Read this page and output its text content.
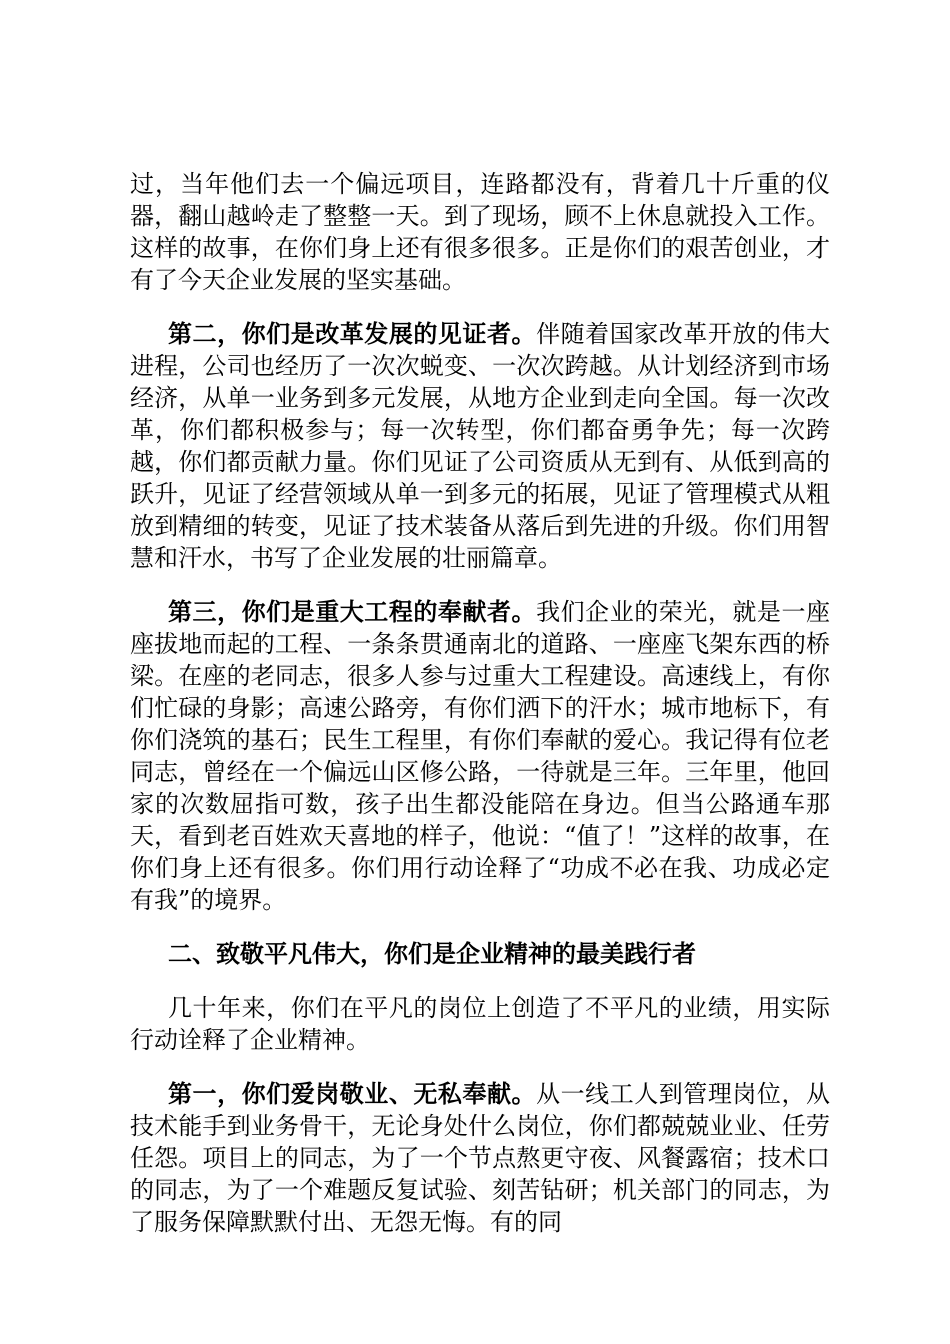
过，当年他们去一个偏远项目，连路都没有，背着几十斤重的仪器，翻山越岭走了整整一天。到了现场，顾不上休息就投入工作。这样的故事，在你们身上还有很多很多。正是你们的艰苦创业，才有了今天企业发展的坚实基础。

第二，你们是改革发展的见证者。伴随着国家改革开放的伟大进程，公司也经历了一次次蜕变、一次次跨越。从计划经济到市场经济，从单一业务到多元发展，从地方企业到走向全国。每一次改革，你们都积极参与；每一次转型，你们都奋勇争先；每一次跨越，你们都贡献力量。你们见证了公司资质从无到有、从低到高的跃升，见证了经营领域从单一到多元的拓展，见证了管理模式从粗放到精细的转变，见证了技术装备从落后到先进的升级。你们用智慧和汗水，书写了企业发展的壮丽篇章。

第三，你们是重大工程的奉献者。我们企业的荣光，就是一座座拔地而起的工程、一条条贯通南北的道路、一座座飞架东西的桥梁。在座的老同志，很多人参与过重大工程建设。高速线上，有你们忙碌的身影；高速公路旁，有你们洒下的汗水；城市地标下，有你们浇筑的基石；民生工程里，有你们奉献的爱心。我记得有位老同志，曾经在一个偏远山区修公路，一待就是三年。三年里，他回家的次数屈指可数，孩子出生都没能陪在身边。但当公路通车那天，看到老百姓欢天喜地的样子，他说：“值了！”这样的故事，在你们身上还有很多。你们用行动诠释了“功成不必在我、功成必定有我”的境界。

二、致敬平凡伟大，你们是企业精神的最美践行者

几十年来，你们在平凡的岗位上创造了不平凡的业绩，用实际行动诠释了企业精神。

第一，你们爱岗敬业、无私奉献。从一线工人到管理岗位，从技术能手到业务骨干，无论身处什么岗位，你们都兢兢业业、任劳任怨。项目上的同志，为了一个节点熬更守夜、风餐露宿；技术口的同志，为了一个难题反复试验、刻苦钻研；机关部门的同志，为了服务保障默默付出、无怨无悔。有的同
